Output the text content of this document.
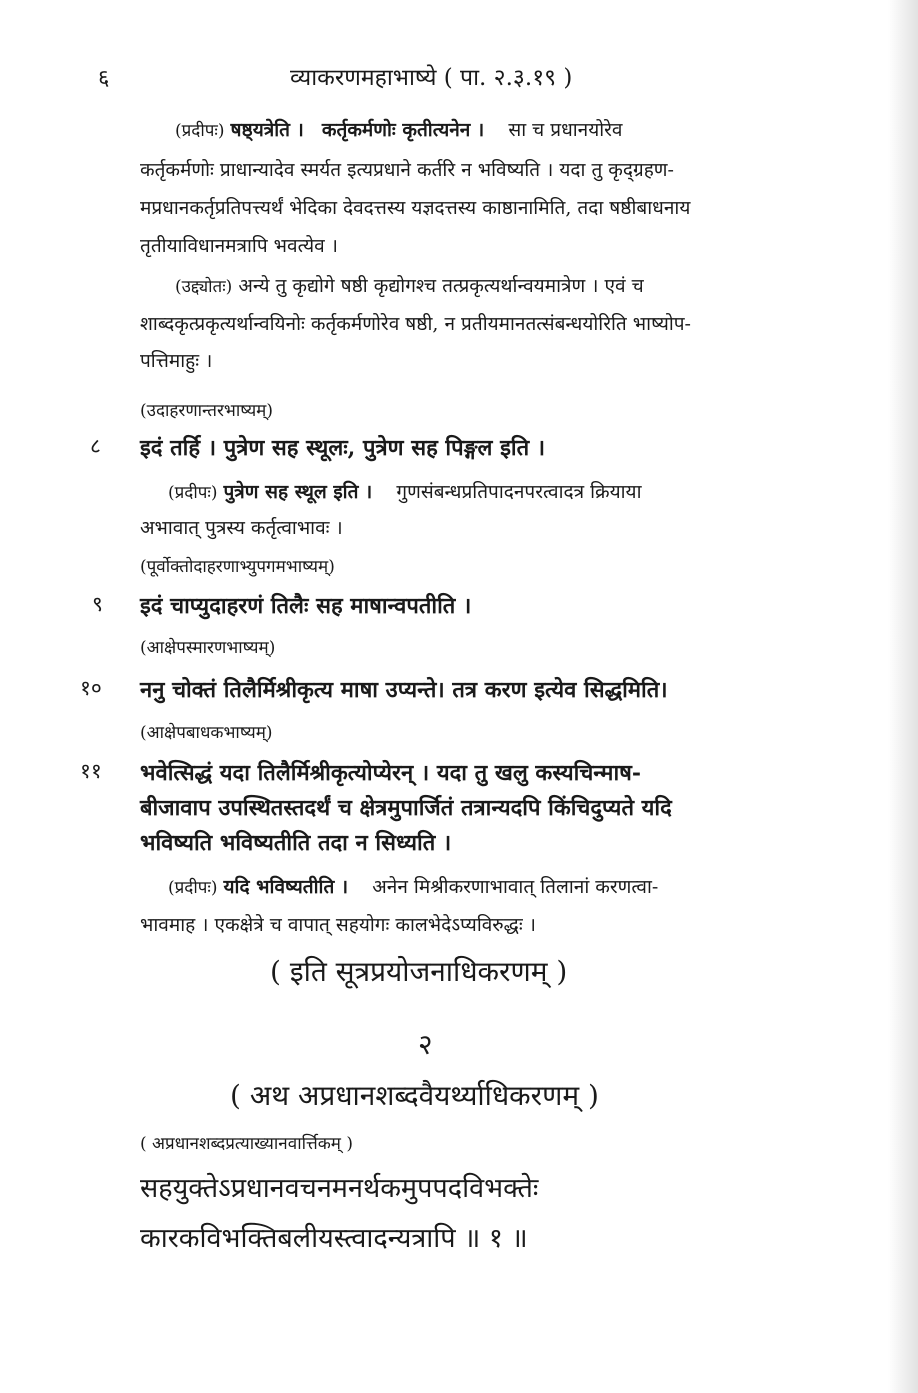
६	व्याकरणमहाभाष्ये ( पा. २.३.१९ )
(प्रदीपः) षष्ठ्यत्रेति । कर्तृकर्मणोः कृतीत्यनेन । सा च प्रधानयोरेव
कर्तृकर्मणोः प्राधान्यादेव स्मर्यत इत्यप्रधाने कर्तरि न भविष्यति । यदा तु कृद्ग्रहण-
मप्रधानकर्तृप्रतिपत्त्यर्थं भेदिका देवदत्तस्य यज्ञदत्तस्य काष्ठानामिति, तदा षष्ठीबाधनाय
तृतीयाविधानमत्रापि भवत्येव ।
(उद्द्योतः) अन्ये तु कृद्योगे षष्ठी कृद्योगश्च तत्प्रकृत्यर्थान्वयमात्रेण । एवं च
शाब्दकृत्प्रकृत्यर्थान्वयिनोः कर्तृकर्मणोरेव षष्ठी, न प्रतीयमानतत्संबन्धयोरिति भाष्योप-
पत्तिमाहुः ।
(उदाहरणान्तरभाष्यम्)
८ इदं तर्हि । पुत्रेण सह स्थूलः, पुत्रेण सह पिङ्गल इति ।
(प्रदीपः) पुत्रेण सह स्थूल इति । गुणसंबन्धप्रतिपादनपरत्वादत्र क्रियाया
अभावात् पुत्रस्य कर्तृत्वाभावः ।
(पूर्वोक्तोदाहरणाभ्युपगमभाष्यम्)
९ इदं चाप्युदाहरणं तिलैः सह माषान्वपतीति ।
(आक्षेपस्मारणभाष्यम्)
१० ननु चोक्तं तिलैर्मिश्रीकृत्य माषा उप्यन्ते। तत्र करण इत्येव सिद्धमिति।
(आक्षेपबाधकभाष्यम्)
११ भवेत्सिद्धं यदा तिलैर्मिश्रीकृत्योप्येरन् । यदा तु खलु कस्यचिन्माष-
बीजावाप उपस्थितस्तदर्थं च क्षेत्रमुपार्जितं तत्रान्यदपि किंचिदुप्यते यदि
भविष्यति भविष्यतीति तदा न सिध्यति ।
(प्रदीपः) यदि भविष्यतीति । अनेन मिश्रीकरणाभावात् तिलानां करणत्वा-
भावमाह । एकक्षेत्रे च वापात् सहयोगः कालभेदेऽप्यविरुद्धः ।
( इति सूत्रप्रयोजनाधिकरणम् )
२
( अथ अप्रधानशब्दवैयर्थ्याधिकरणम् )
( अप्रधानशब्दप्रत्याख्यानवार्त्तिकम् )
सहयुक्तेऽप्रधानवचनमनर्थकमुपपदविभक्तेः
कारकविभक्तिबलीयस्त्वादन्यत्रापि ॥ १ ॥
